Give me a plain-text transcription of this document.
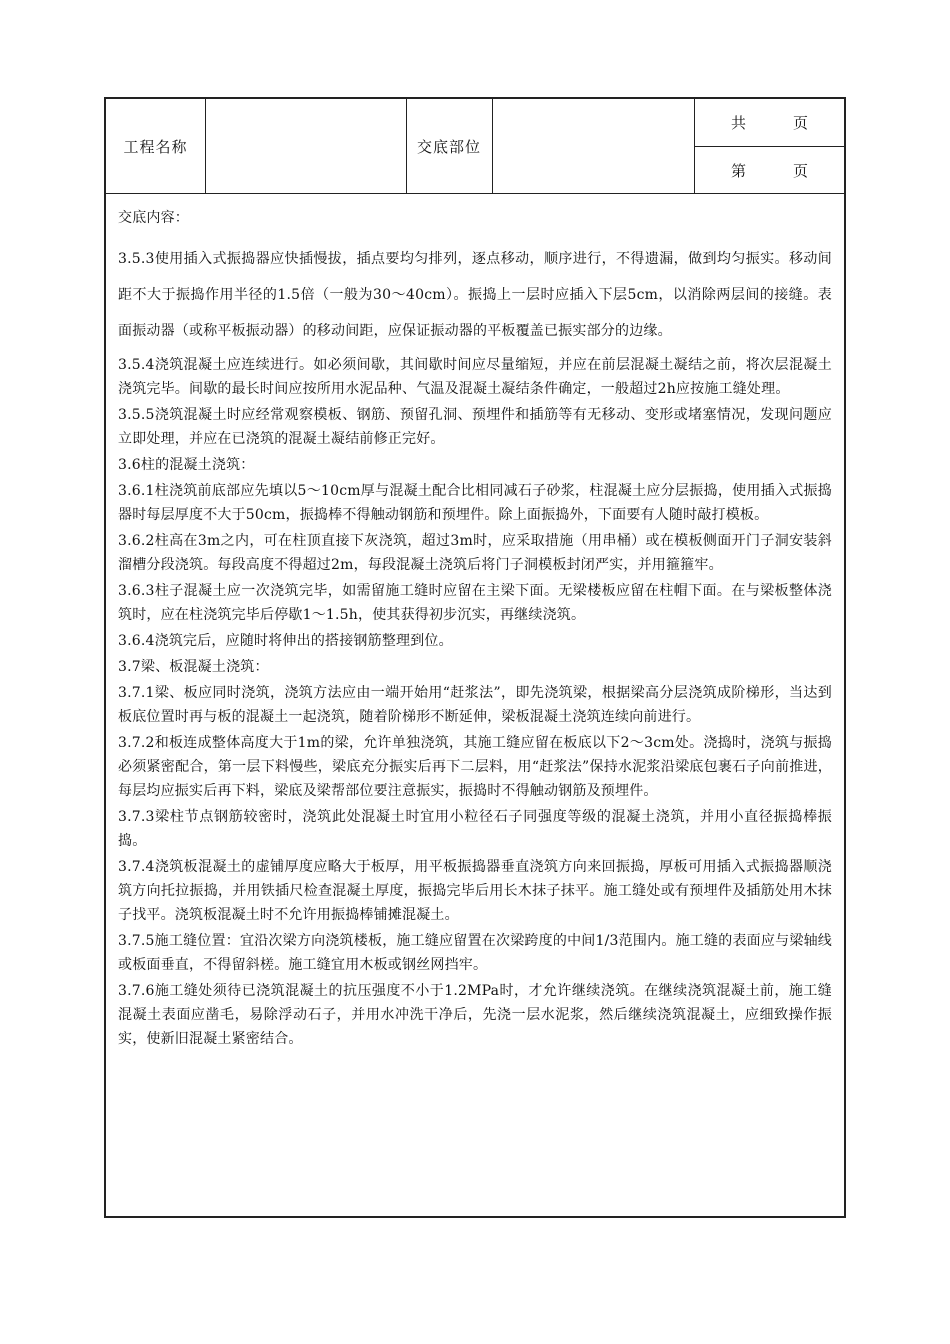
工程名称	交底部位
共	页
第	页
交底内容：
3.5.3使用插入式振捣器应快插慢拔，插点要均匀排列，逐点移动，顺序进行，不得遗漏，做到均匀振实。移动间距不大于振捣作用半径的1.5倍（一般为30～40cm）。振捣上一层时应插入下层5cm，以消除两层间的接缝。表面振动器（或称平板振动器）的移动间距，应保证振动器的平板覆盖已振实部分的边缘。
3.5.4浇筑混凝土应连续进行。如必须间歇，其间歇时间应尽量缩短，并应在前层混凝土凝结之前，将次层混凝土浇筑完毕。间歇的最长时间应按所用水泥品种、气温及混凝土凝结条件确定，一般超过2h应按施工缝处理。
3.5.5浇筑混凝土时应经常观察模板、钢筋、预留孔洞、预埋件和插筋等有无移动、变形或堵塞情况，发现问题应立即处理，并应在已浇筑的混凝土凝结前修正完好。
3.6柱的混凝土浇筑：
3.6.1柱浇筑前底部应先填以5～10cm厚与混凝土配合比相同减石子砂浆，柱混凝土应分层振捣，使用插入式振捣器时每层厚度不大于50cm，振捣棒不得触动钢筋和预埋件。除上面振捣外，下面要有人随时敲打模板。
3.6.2柱高在3m之内，可在柱顶直接下灰浇筑，超过3m时，应采取措施（用串桶）或在模板侧面开门子洞安装斜溜槽分段浇筑。每段高度不得超过2m，每段混凝土浇筑后将门子洞模板封闭严实，并用箍箍牢。
3.6.3柱子混凝土应一次浇筑完毕，如需留施工缝时应留在主梁下面。无梁楼板应留在柱帽下面。在与梁板整体浇筑时，应在柱浇筑完毕后停歇1～1.5h，使其获得初步沉实，再继续浇筑。
3.6.4浇筑完后，应随时将伸出的搭接钢筋整理到位。
3.7梁、板混凝土浇筑：
3.7.1梁、板应同时浇筑，浇筑方法应由一端开始用“赶浆法”，即先浇筑梁，根据梁高分层浇筑成阶梯形，当达到板底位置时再与板的混凝土一起浇筑，随着阶梯形不断延伸，梁板混凝土浇筑连续向前进行。
3.7.2和板连成整体高度大于1m的梁，允许单独浇筑，其施工缝应留在板底以下2～3cm处。浇捣时，浇筑与振捣必须紧密配合，第一层下料慢些，梁底充分振实后再下二层料，用“赶浆法”保持水泥浆沿梁底包裹石子向前推进，每层均应振实后再下料，梁底及梁帮部位要注意振实，振捣时不得触动钢筋及预埋件。
3.7.3梁柱节点钢筋较密时，浇筑此处混凝土时宜用小粒径石子同强度等级的混凝土浇筑，并用小直径振捣棒振捣。
3.7.4浇筑板混凝土的虚铺厚度应略大于板厚，用平板振捣器垂直浇筑方向来回振捣，厚板可用插入式振捣器顺浇筑方向托拉振捣，并用铁插尺检查混凝土厚度，振捣完毕后用长木抹子抹平。施工缝处或有预埋件及插筋处用木抹子找平。浇筑板混凝土时不允许用振捣棒铺摊混凝土。
3.7.5施工缝位置：宜沿次梁方向浇筑楼板，施工缝应留置在次梁跨度的中间1/3范围内。施工缝的表面应与梁轴线或板面垂直，不得留斜槎。施工缝宜用木板或钢丝网挡牢。
3.7.6施工缝处须待已浇筑混凝土的抗压强度不小于1.2MPa时，才允许继续浇筑。在继续浇筑混凝土前，施工缝混凝土表面应凿毛，易除浮动石子，并用水冲洗干净后，先浇一层水泥浆，然后继续浇筑混凝土，应细致操作振实，使新旧混凝土紧密结合。
